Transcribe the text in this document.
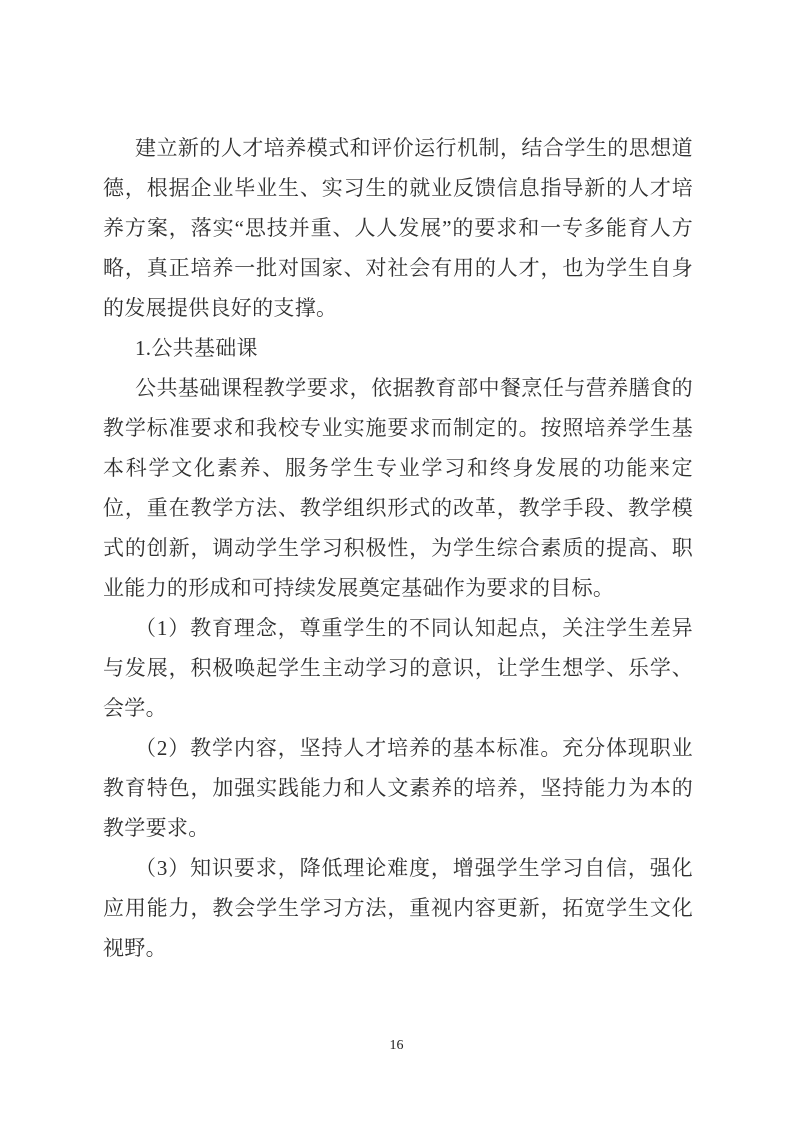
建立新的人才培养模式和评价运行机制，结合学生的思想道德，根据企业毕业生、实习生的就业反馈信息指导新的人才培养方案，落实“思技并重、人人发展”的要求和一专多能育人方略，真正培养一批对国家、对社会有用的人才，也为学生自身的发展提供良好的支撑。

1.公共基础课

公共基础课程教学要求，依据教育部中餐烹任与营养膳食的教学标准要求和我校专业实施要求而制定的。按照培养学生基本科学文化素养、服务学生专业学习和终身发展的功能来定位，重在教学方法、教学组织形式的改革，教学手段、教学模式的创新，调动学生学习积极性，为学生综合素质的提高、职业能力的形成和可持续发展奠定基础作为要求的目标。

（1）教育理念，尊重学生的不同认知起点，关注学生差异与发展，积极唤起学生主动学习的意识，让学生想学、乐学、会学。

（2）教学内容，坚持人才培养的基本标准。充分体现职业教育特色，加强实践能力和人文素养的培养，坚持能力为本的教学要求。

（3）知识要求，降低理论难度，增强学生学习自信，强化应用能力，教会学生学习方法，重视内容更新，拓宽学生文化视野。

16
